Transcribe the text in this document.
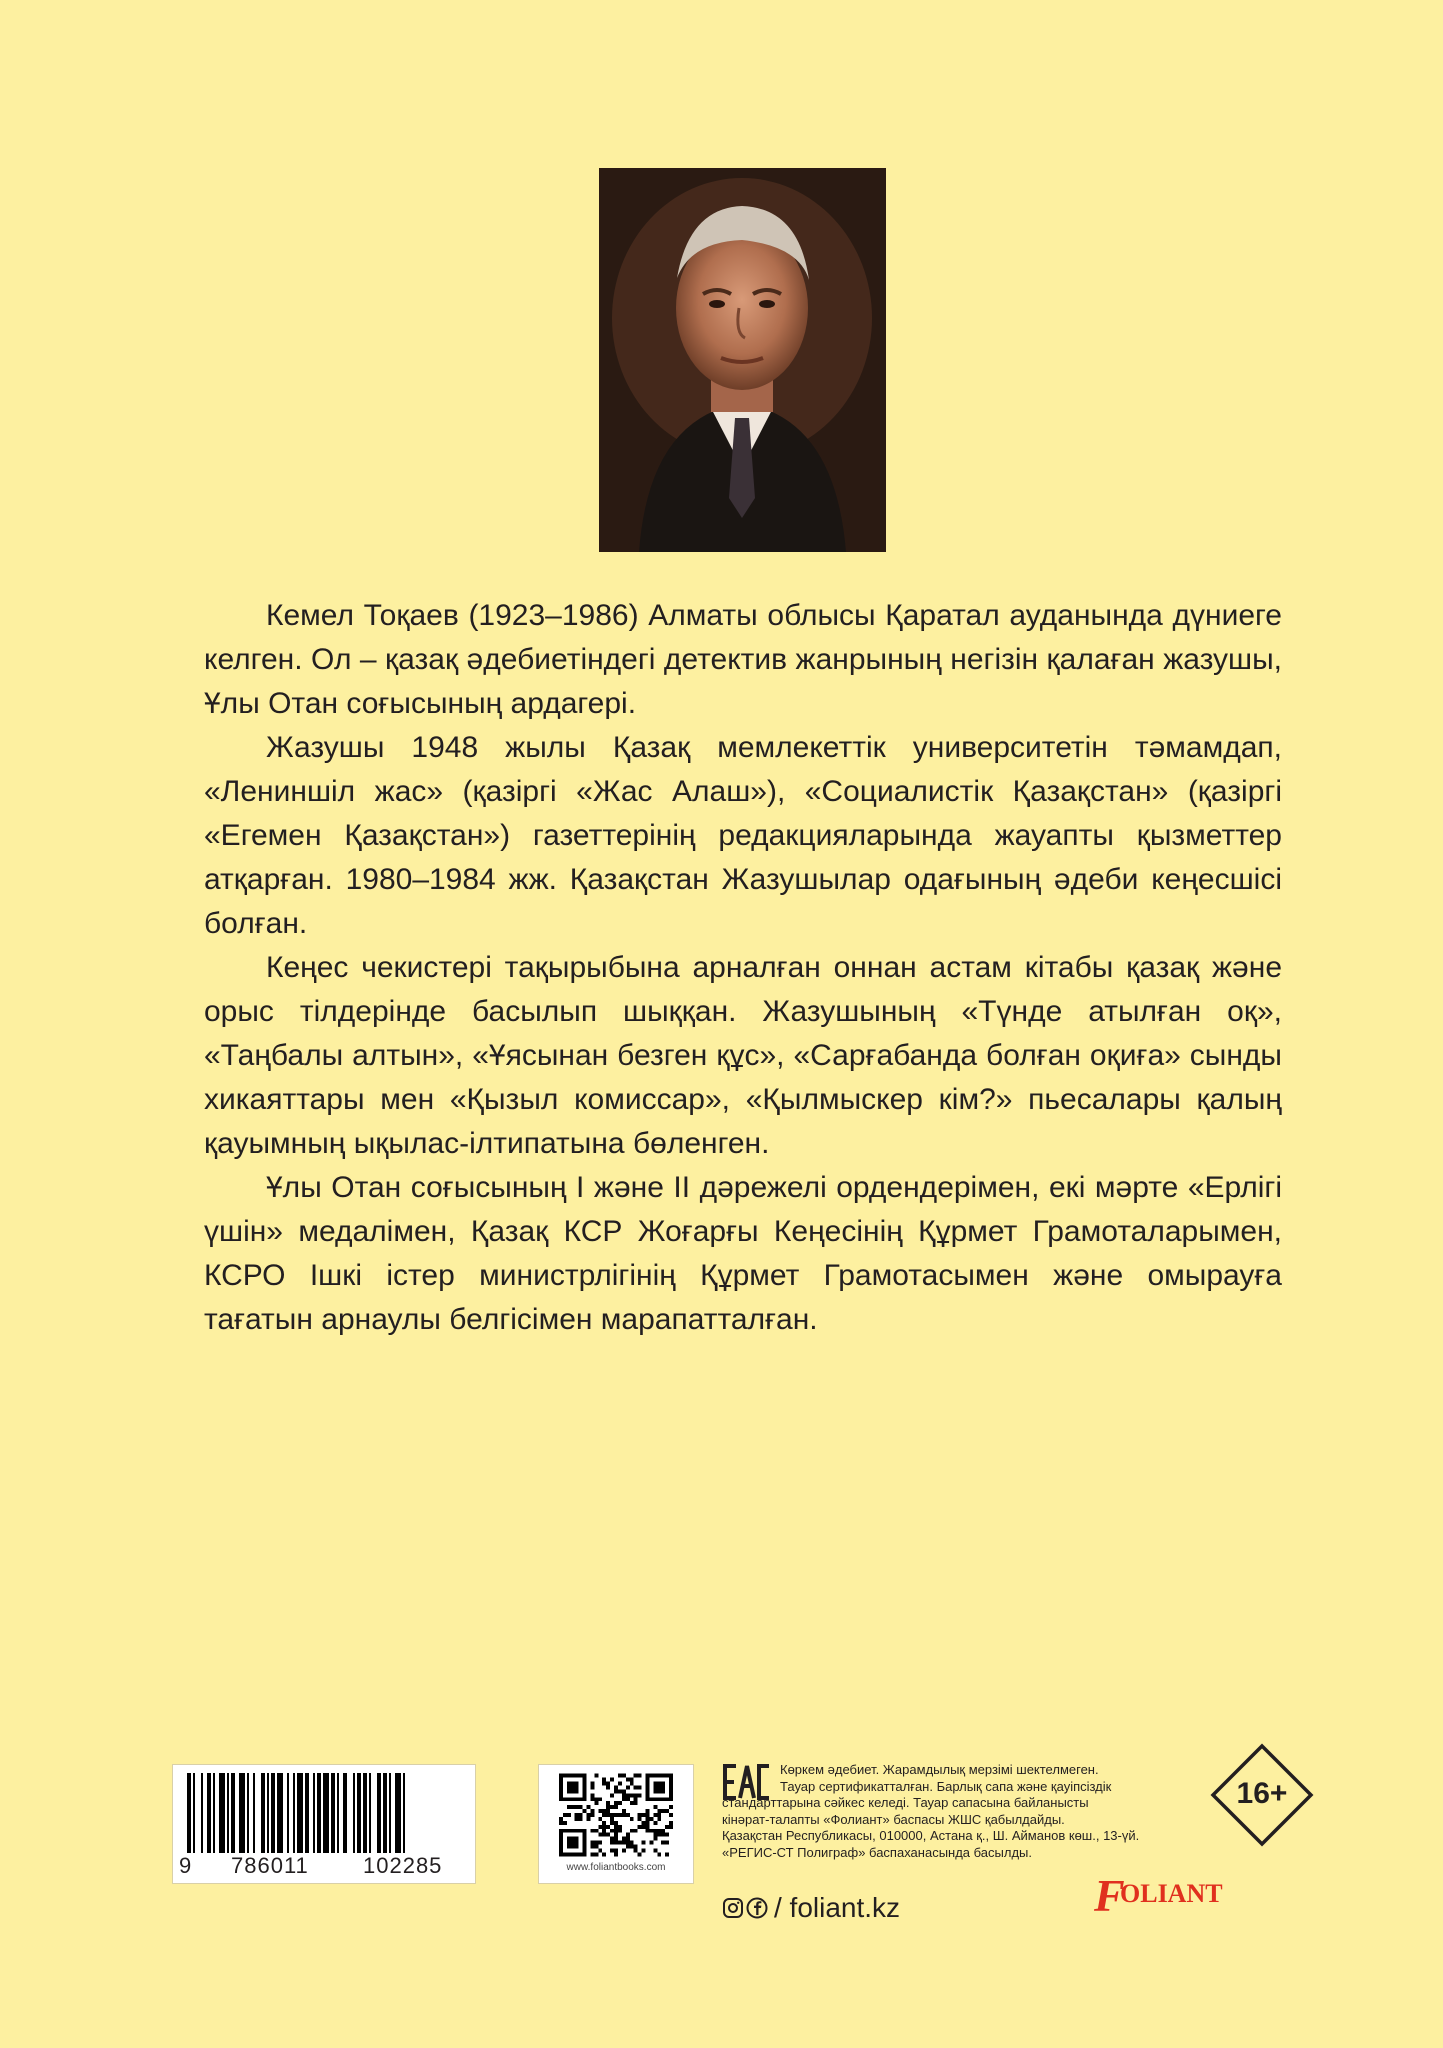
Кемел Тоқаев (1923–1986) Алматы облысы Қаратал ауданында дүниеге келген. Ол – қазақ әдебиетіндегі детектив жанрының негізін қалаған жазушы, Ұлы Отан соғысының ардагері.

Жазушы 1948 жылы Қазақ мемлекеттік университетін тәмамдап, «Лениншіл жас» (қазіргі «Жас Алаш»), «Социалистік Қазақстан» (қазіргі «Егемен Қазақстан») газеттерінің редакцияларында жауапты қызметтер атқарған. 1980–1984 жж. Қазақстан Жазушылар одағының әдеби кеңесшісі болған.

Кеңес чекистері тақырыбына арналған оннан астам кітабы қазақ және орыс тілдерінде басылып шыққан. Жазушының «Түнде атылған оқ», «Таңбалы алтын», «Ұясынан безген құс», «Сарғабанда болған оқиға» сынды хикаяттары мен «Қызыл комиссар», «Қылмыскер кім?» пьесалары қалың қауымның ықылас-ілтипатына бөленген.

Ұлы Отан соғысының І және ІІ дәрежелі ордендерімен, екі мәрте «Ерлігі үшін» медалімен, Қазақ КСР Жоғарғы Кеңесінің Құрмет Грамоталарымен, КСРО Ішкі істер министрлігінің Құрмет Грамотасымен және омырауға тағатын арнаулы белгісімен марапатталған.

9 786011 102285	www.foliantbooks.com
Көркем әдебиет. Жарамдылық мерзімі шектелмеген.
Тауар сертификатталған. Барлық сапа және қауіпсіздік
стандарттарына сәйкес келеді. Тауар сапасына байланысты
кінәрат-талапты «Фолиант» баспасы ЖШС қабылдайды.
Қазақстан Республикасы, 010000, Астана қ., Ш. Айманов көш., 13-үй.
«РЕГИС-СТ Полиграф» баспаханасында басылды.
16+
/ foliant.kz	F
OLIANT
